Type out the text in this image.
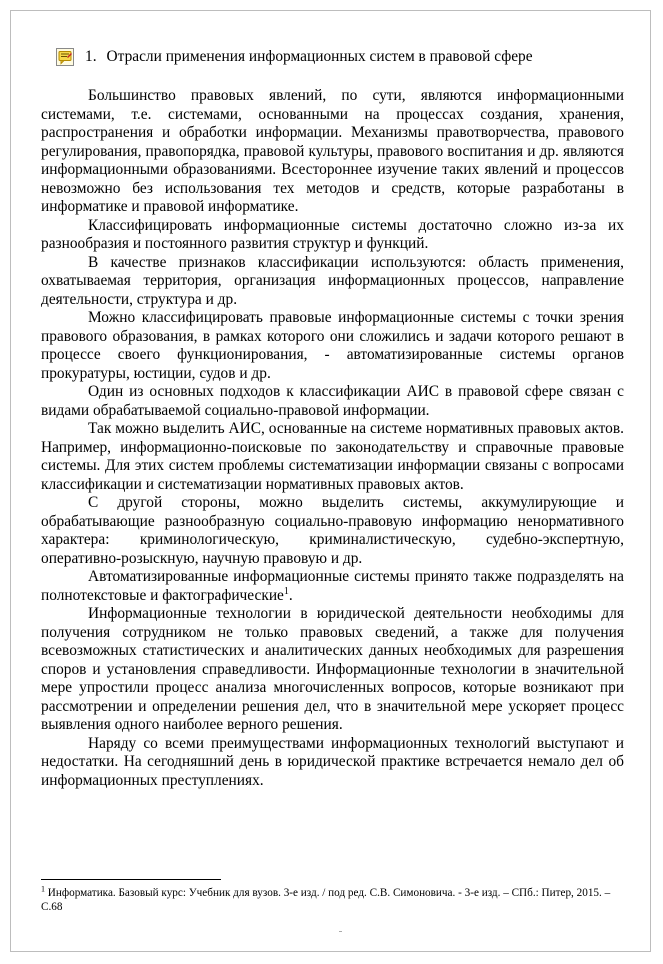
1. Отрасли применения информационных систем в правовой сфере

Большинство правовых явлений, по сути, являются информационными системами, т.е. системами, основанными на процессах создания, хранения, распространения и обработки информации. Механизмы правотворчества, правового регулирования, правопорядка, правовой культуры, правового воспитания и др. являются информационными образованиями. Всестороннее изучение таких явлений и процессов невозможно без использования тех методов и средств, которые разработаны в информатике и правовой информатике.

Классифицировать информационные системы достаточно сложно из-за их разнообразия и постоянного развития структур и функций.

В качестве признаков классификации используются: область применения, охватываемая территория, организация информационных процессов, направление деятельности, структура и др.

Можно классифицировать правовые информационные системы с точки зрения правового образования, в рамках которого они сложились и задачи которого решают в процессе своего функционирования, - автоматизированные системы органов прокуратуры, юстиции, судов и др.

Один из основных подходов к классификации АИС в правовой сфере связан с видами обрабатываемой социально-правовой информации.

Так можно выделить АИС, основанные на системе нормативных правовых актов. Например, информационно-поисковые по законодательству и справочные правовые системы. Для этих систем проблемы систематизации информации связаны с вопросами классификации и систематизации нормативных правовых актов.

С другой стороны, можно выделить системы, аккумулирующие и обрабатывающие разнообразную социально-правовую информацию ненормативного характера: криминологическую, криминалистическую, судебно-экспертную, оперативно-розыскную, научную правовую и др.

Автоматизированные информационные системы принято также подразделять на полнотекстовые и фактографические$^1$.

Информационные технологии в юридической деятельности необходимы для получения сотрудником не только правовых сведений, а также для получения всевозможных статистических и аналитических данных необходимых для разрешения споров и установления справедливости. Информационные технологии в значительной мере упростили процесс анализа многочисленных вопросов, которые возникают при рассмотрении и определении решения дел, что в значительной мере ускоряет процесс выявления одного наиболее верного решения.

Наряду со всеми преимуществами информационных технологий выступают и недостатки. На сегодняшний день в юридической практике встречается немало дел об информационных преступлениях.

$^1$ Информатика. Базовый курс: Учебник для вузов. 3-е изд. / под ред. С.В. Симоновича. - 3-е изд. – СПб.: Питер, 2015. – С.68
